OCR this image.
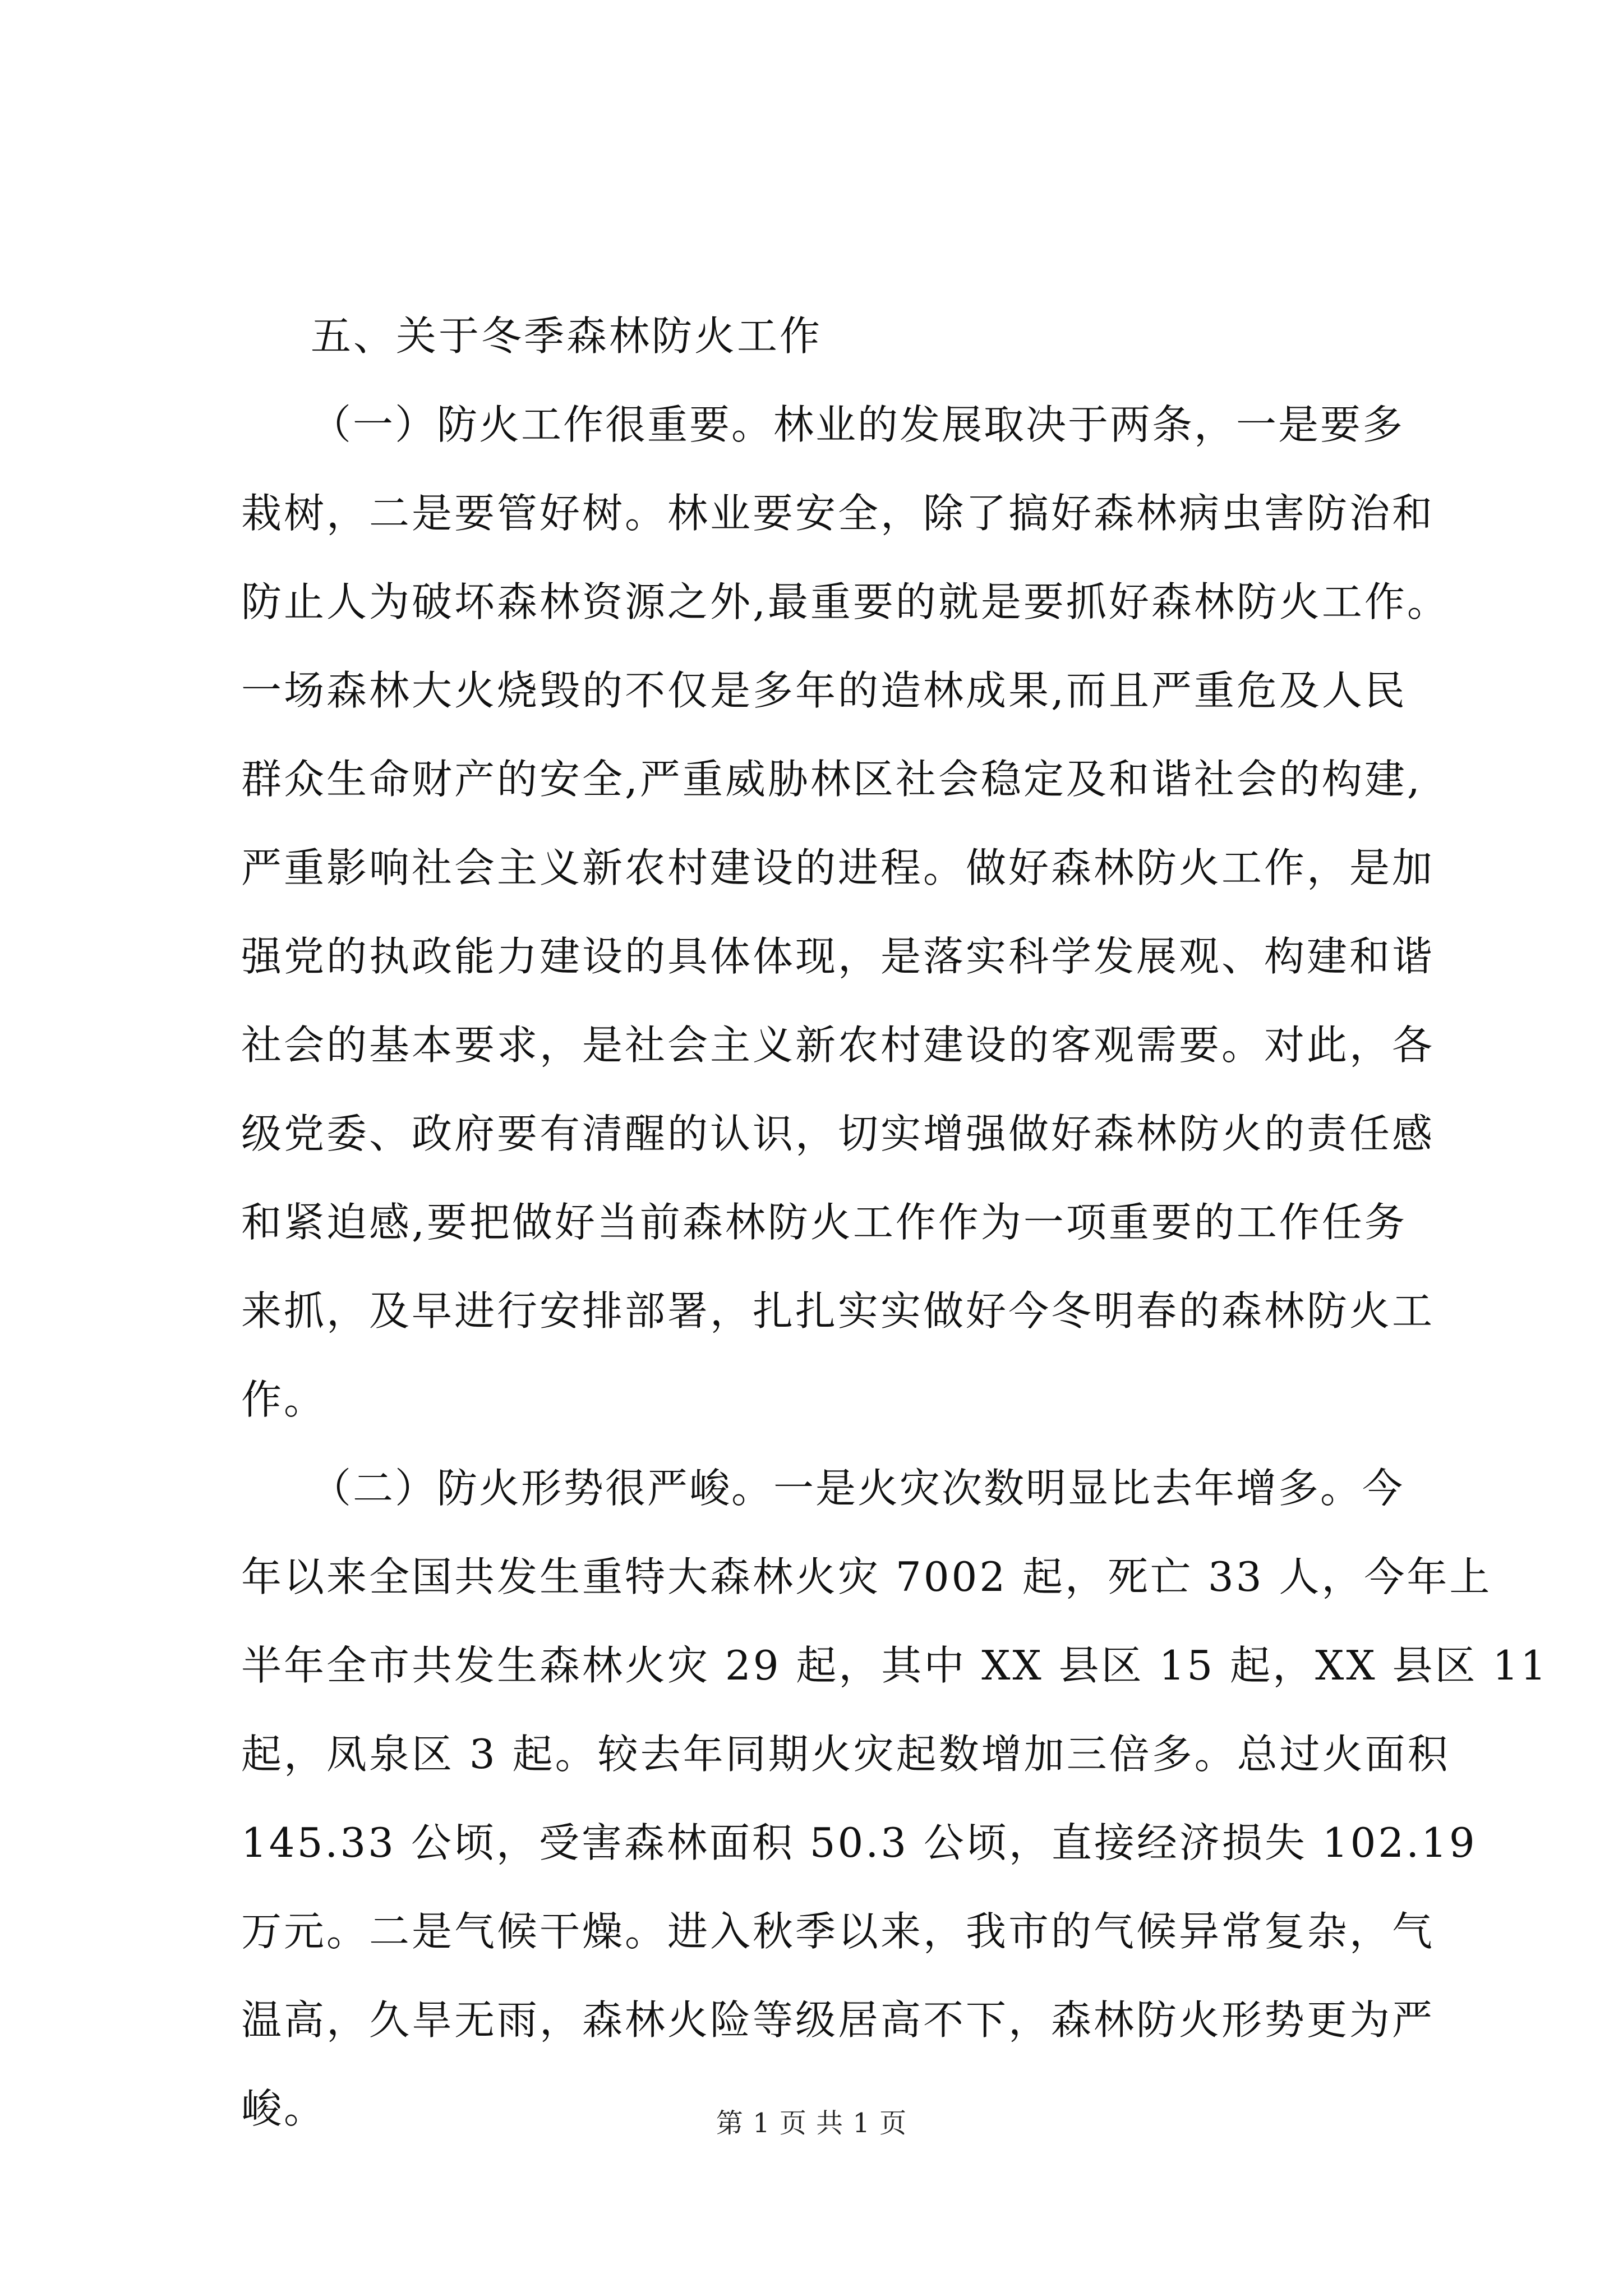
五、关于冬季森林防火工作

（一）防火工作很重要。林业的发展取决于两条，一是要多

栽树，二是要管好树。林业要安全，除了搞好森林病虫害防治和

防止人为破坏森林资源之外,最重要的就是要抓好森林防火工作。

一场森林大火烧毁的不仅是多年的造林成果,而且严重危及人民

群众生命财产的安全,严重威胁林区社会稳定及和谐社会的构建,

严重影响社会主义新农村建设的进程。做好森林防火工作，是加

强党的执政能力建设的具体体现，是落实科学发展观、构建和谐

社会的基本要求，是社会主义新农村建设的客观需要。对此，各

级党委、政府要有清醒的认识，切实增强做好森林防火的责任感

和紧迫感,要把做好当前森林防火工作作为一项重要的工作任务

来抓，及早进行安排部署，扎扎实实做好今冬明春的森林防火工

作。

（二）防火形势很严峻。一是火灾次数明显比去年增多。今

年以来全国共发生重特大森林火灾 7002 起，死亡 33 人，今年上

半年全市共发生森林火灾 29 起，其中 XX 县区 15 起，XX 县区 11

起，凤泉区 3 起。较去年同期火灾起数增加三倍多。总过火面积

145.33 公顷，受害森林面积 50.3 公顷，直接经济损失 102.19

万元。二是气候干燥。进入秋季以来，我市的气候异常复杂，气

温高，久旱无雨，森林火险等级居高不下，森林防火形势更为严

峻。	第 1 页 共 1 页
